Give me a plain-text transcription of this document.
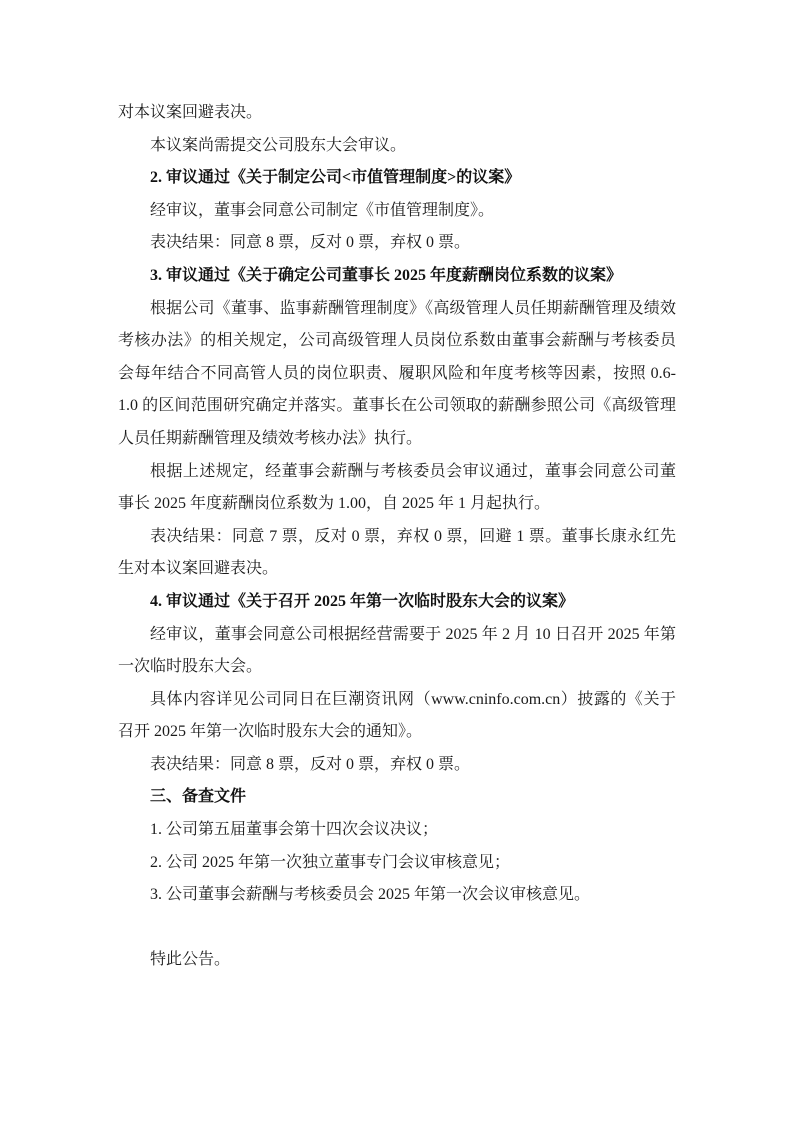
对本议案回避表决。

本议案尚需提交公司股东大会审议。

2. 审议通过《关于制定公司<市值管理制度>的议案》

经审议，董事会同意公司制定《市值管理制度》。

表决结果：同意 8 票，反对 0 票，弃权 0 票。

3. 审议通过《关于确定公司董事长 2025 年度薪酬岗位系数的议案》

根据公司《董事、监事薪酬管理制度》《高级管理人员任期薪酬管理及绩效考核办法》的相关规定，公司高级管理人员岗位系数由董事会薪酬与考核委员会每年结合不同高管人员的岗位职责、履职风险和年度考核等因素，按照 0.6-1.0 的区间范围研究确定并落实。董事长在公司领取的薪酬参照公司《高级管理人员任期薪酬管理及绩效考核办法》执行。

根据上述规定，经董事会薪酬与考核委员会审议通过，董事会同意公司董事长 2025 年度薪酬岗位系数为 1.00，自 2025 年 1 月起执行。

表决结果：同意 7 票，反对 0 票，弃权 0 票，回避 1 票。董事长康永红先生对本议案回避表决。

4. 审议通过《关于召开 2025 年第一次临时股东大会的议案》

经审议，董事会同意公司根据经营需要于 2025 年 2 月 10 日召开 2025 年第一次临时股东大会。

具体内容详见公司同日在巨潮资讯网（www.cninfo.com.cn）披露的《关于召开 2025 年第一次临时股东大会的通知》。

表决结果：同意 8 票，反对 0 票，弃权 0 票。

三、备查文件

1. 公司第五届董事会第十四次会议决议；

2. 公司 2025 年第一次独立董事专门会议审核意见；

3. 公司董事会薪酬与考核委员会 2025 年第一次会议审核意见。

特此公告。
